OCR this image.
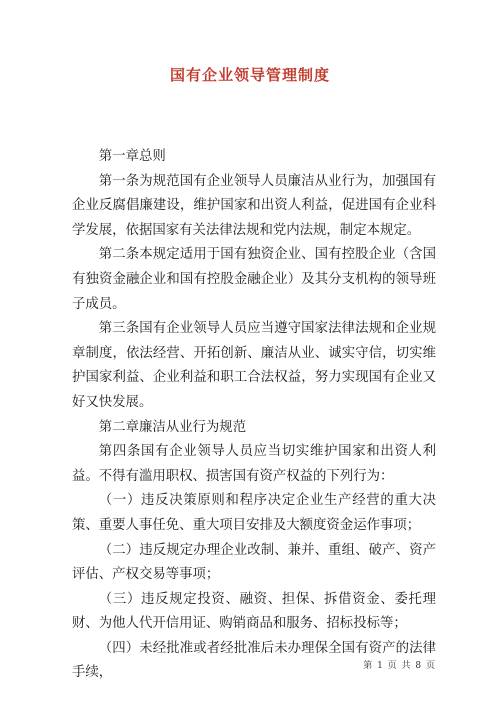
国有企业领导管理制度

第一章总则

第一条为规范国有企业领导人员廉洁从业行为，加强国有企业反腐倡廉建设，维护国家和出资人利益，促进国有企业科学发展，依据国家有关法律法规和党内法规，制定本规定。

第二条本规定适用于国有独资企业、国有控股企业（含国有独资金融企业和国有控股金融企业）及其分支机构的领导班子成员。

第三条国有企业领导人员应当遵守国家法律法规和企业规章制度，依法经营、开拓创新、廉洁从业、诚实守信，切实维护国家利益、企业利益和职工合法权益，努力实现国有企业又好又快发展。

第二章廉洁从业行为规范

第四条国有企业领导人员应当切实维护国家和出资人利益。不得有滥用职权、损害国有资产权益的下列行为：

（一）违反决策原则和程序决定企业生产经营的重大决策、重要人事任免、重大项目安排及大额度资金运作事项；

（二）违反规定办理企业改制、兼并、重组、破产、资产评估、产权交易等事项；

（三）违反规定投资、融资、担保、拆借资金、委托理财、为他人代开信用证、购销商品和服务、招标投标等；

（四）未经批准或者经批准后未办理保全国有资产的法律手续，	第 1 页 共 8 页
